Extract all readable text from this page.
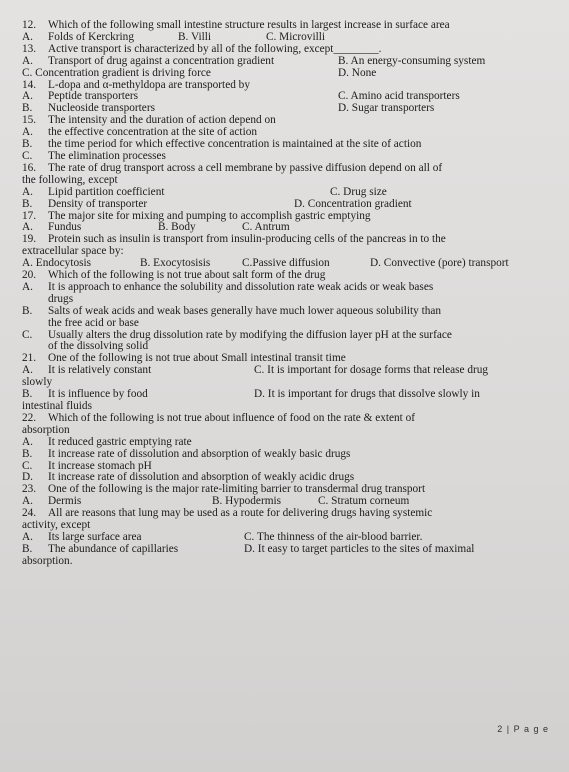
12.	Which of the following small intestine structure results in largest increase in surface area
A.	Folds of Kerckring	B. Villi	C. Microvilli
13.	Active transport is characterized by all of the following, except________.
A.	Transport of drug against a concentration gradient	B. An energy-consuming system
C. Concentration gradient is driving force	D. None
14.	L-dopa and α-methyldopa are transported by
A.	Peptide transporters	C. Amino acid transporters
B.	Nucleoside transporters	D. Sugar transporters
15.	The intensity and the duration of action depend on
A.	the effective concentration at the site of action
B.	the time period for which effective concentration is maintained at the site of action
C.	The elimination processes
16.	The rate of drug transport across a cell membrane by passive diffusion depend on all of
the following, except
A.	Lipid partition coefficient	C. Drug size
B.	Density of transporter	D. Concentration gradient
17.	The major site for mixing and pumping to accomplish gastric emptying
A.	Fundus	B. Body	C. Antrum
19.	Protein such as insulin is transport from insulin-producing cells of the pancreas in to the
extracellular space by:
A. Endocytosis	B. Exocytosisis	C.Passive diffusion	D. Convective (pore) transport
20.	Which of the following is not true about salt form of the drug
A.	It is approach to enhance the solubility and dissolution rate weak acids or weak bases
drugs
B.	Salts of weak acids and weak bases generally have much lower aqueous solubility than
the free acid or base
C.	Usually alters the drug dissolution rate by modifying the diffusion layer pH at the surface
of the dissolving solid
21.	One of the following is not true about Small intestinal transit time
A.	It is relatively constant	C. It is important for dosage forms that release drug
slowly
B.	It is influence by food	D. It is important for drugs that dissolve slowly in
intestinal fluids
22.	Which of the following is not true about influence of food on the rate & extent of
absorption
A.	It reduced gastric emptying rate
B.	It increase rate of dissolution and absorption of weakly basic drugs
C.	It increase stomach pH
D.	It increase rate of dissolution and absorption of weakly acidic drugs
23.	One of the following is the major rate-limiting barrier to transdermal drug transport
A.	Dermis	B. Hypodermis	C. Stratum corneum
24.	All are reasons that lung may be used as a route for delivering drugs having systemic
activity, except
A.	Its large surface area	C. The thinness of the air-blood barrier.
B.	The abundance of capillaries	D. It easy to target particles to the sites of maximal
absorption.
2 | P a g e
